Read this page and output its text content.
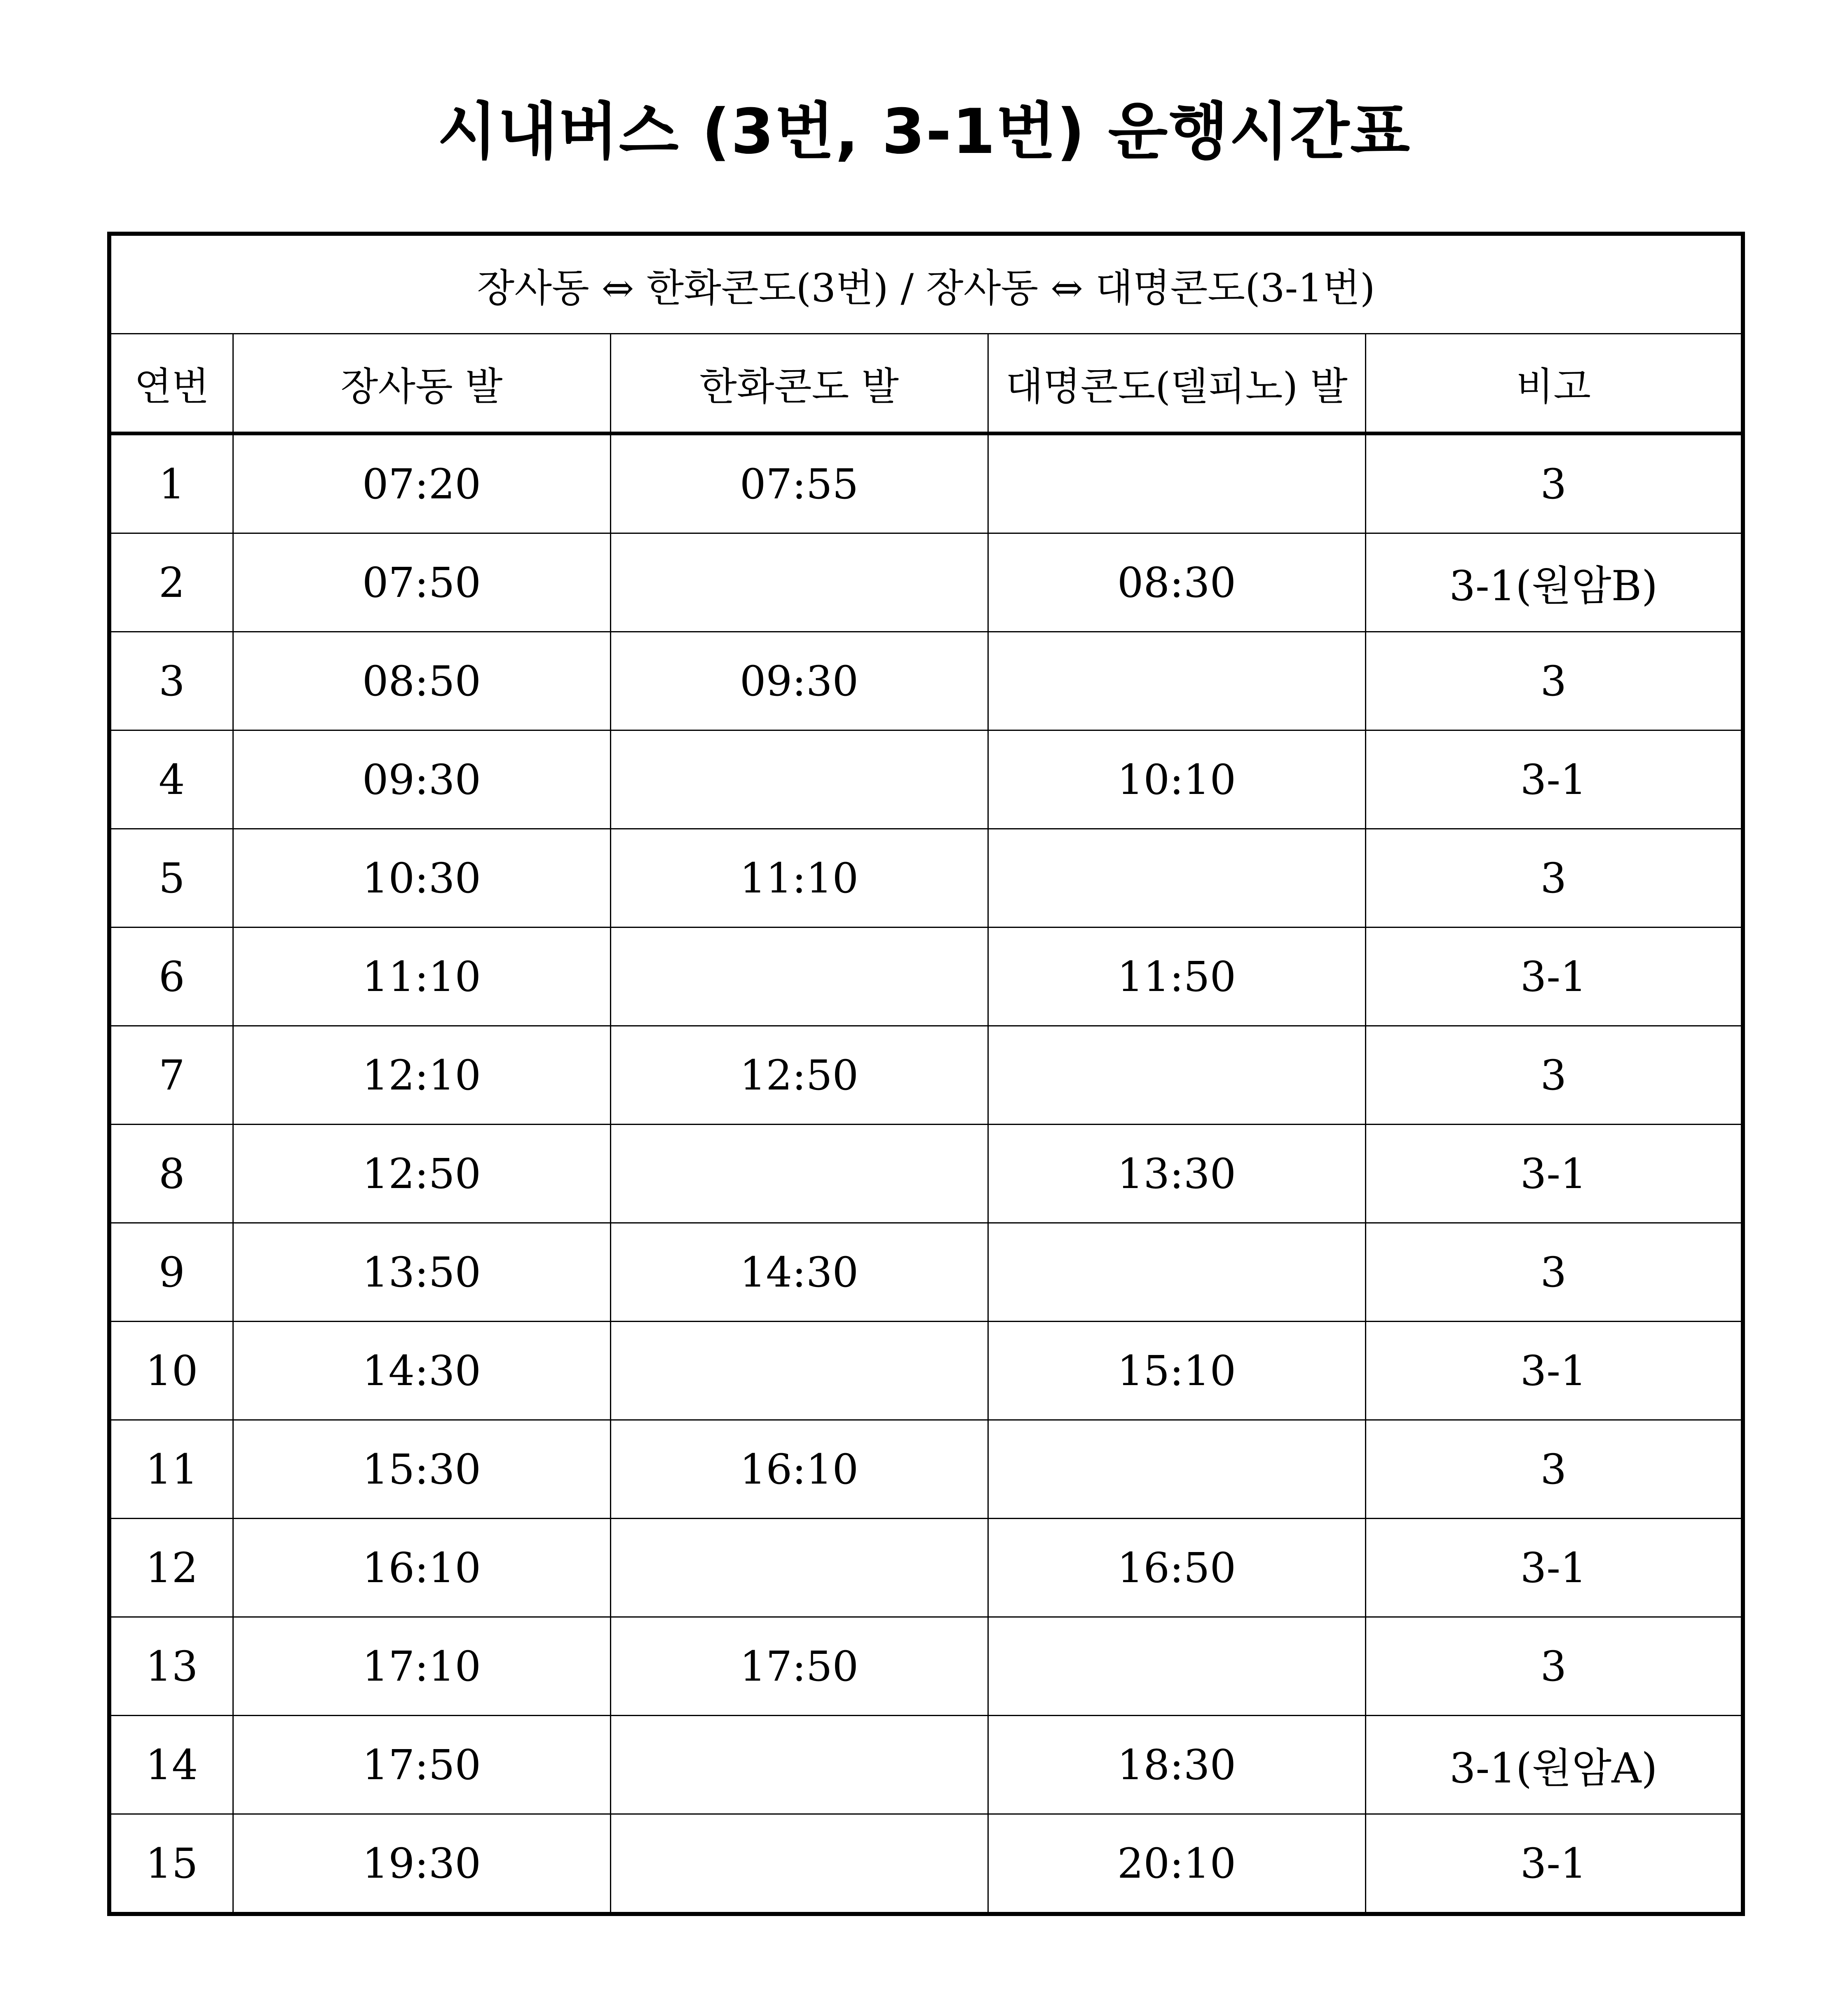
시내버스 (3번, 3-1번) 운행시간표
장사동 ⇔ 한화콘도(3번) / 장사동 ⇔ 대명콘도(3-1번)				
연번	장사동 발	한화콘도 발	대명콘도(델피노) 발	비고
1	07:20	07:55		3
2	07:50		08:30	3-1(원암B)
3	08:50	09:30		3
4	09:30		10:10	3-1
5	10:30	11:10		3
6	11:10		11:50	3-1
7	12:10	12:50		3
8	12:50		13:30	3-1
9	13:50	14:30		3
10	14:30		15:10	3-1
11	15:30	16:10		3
12	16:10		16:50	3-1
13	17:10	17:50		3
14	17:50		18:30	3-1(원암A)
15	19:30		20:10	3-1
